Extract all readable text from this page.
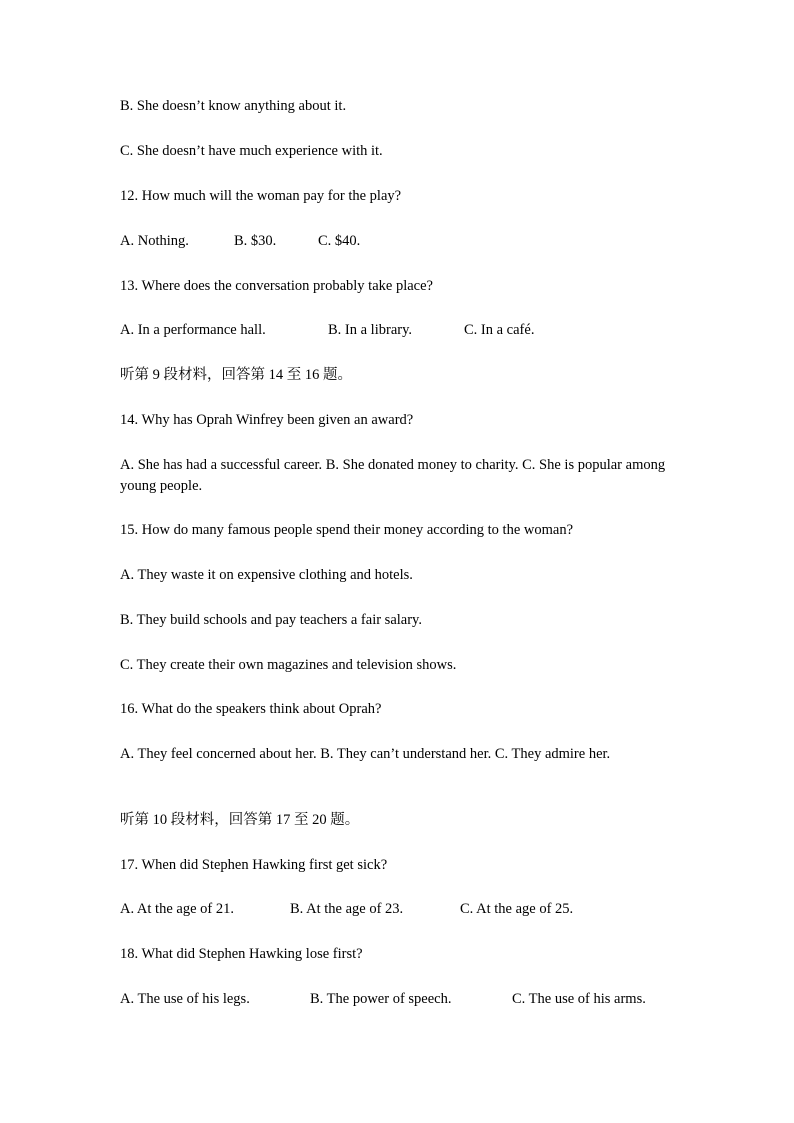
B. She doesn’t know anything about it.
C. She doesn’t have much experience with it.
12. How much will the woman pay for the play?
A. Nothing.	B. $30.	C. $40.
13. Where does the conversation probably take place?
A. In a performance hall.	B. In a library.	C. In a café.
听第 9 段材料，回答第 14 至 16 题。
14. Why has Oprah Winfrey been given an award?
A. She has had a successful career. B. She donated money to charity. C. She is popular among young people.
15. How do many famous people spend their money according to the woman?
A. They waste it on expensive clothing and hotels.
B. They build schools and pay teachers a fair salary.
C. They create their own magazines and television shows.
16. What do the speakers think about Oprah?
A. They feel concerned about her. B. They can’t understand her. C. They admire her.
听第 10 段材料，回答第 17 至 20 题。
17. When did Stephen Hawking first get sick?
A. At the age of 21.	B. At the age of 23.	C. At the age of 25.
18. What did Stephen Hawking lose first?
A. The use of his legs.	B. The power of speech.	C. The use of his arms.
